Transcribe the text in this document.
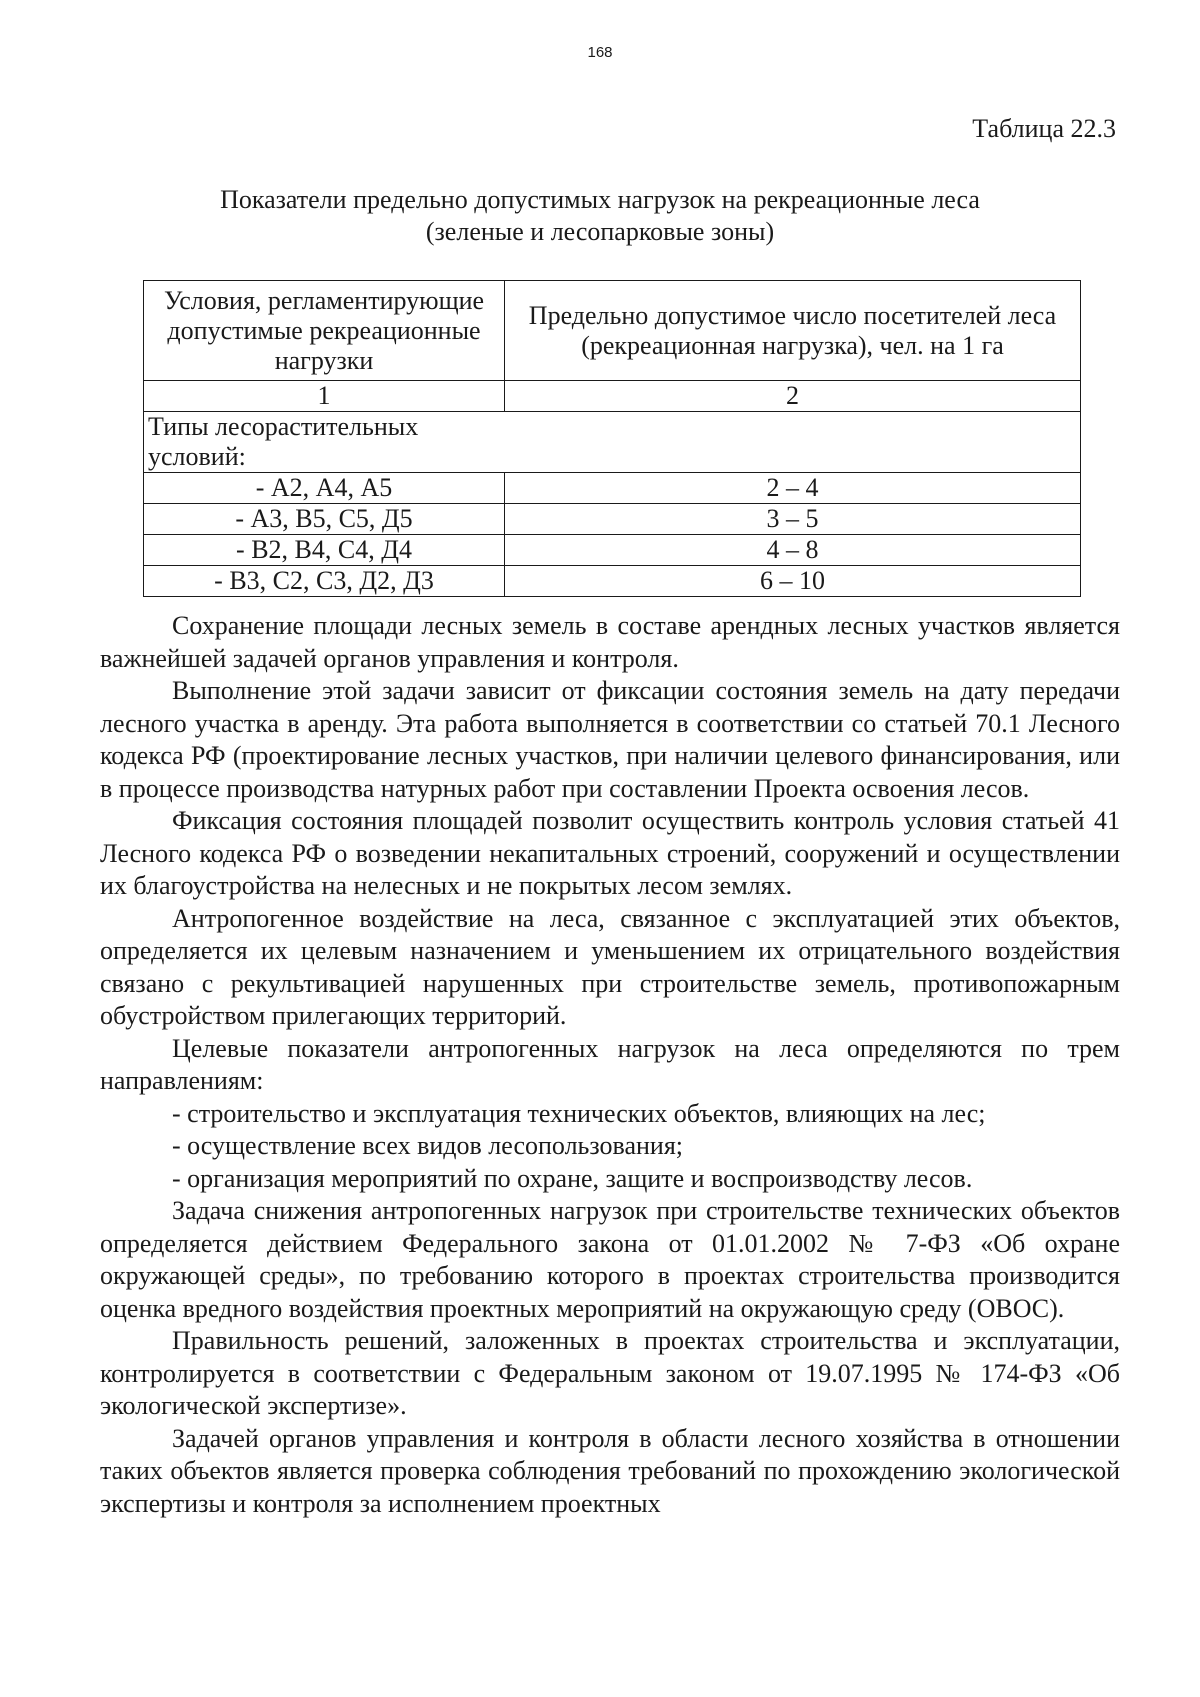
168
Таблица 22.3
Показатели предельно допустимых нагрузок на рекреационные леса
(зеленые и лесопарковые зоны)
Условия, регламентирующие допустимые рекреационные нагрузки	Предельно допустимое число посетителей леса (рекреационная нагрузка), чел. на 1 га
1	2
Типы лесорастительных условий:	
- А2, А4, А5	2 – 4
- А3, В5, С5, Д5	3 – 5
- В2, В4, С4, Д4	4 – 8
- В3, С2, С3, Д2, Д3	6 – 10

Сохранение площади лесных земель в составе арендных лесных участков является важнейшей задачей органов управления и контроля.

Выполнение этой задачи зависит от фиксации состояния земель на дату передачи лесного участка в аренду. Эта работа выполняется в соответствии со статьей 70.1 Лесного кодекса РФ (проектирование лесных участков, при наличии целевого финансирования, или в процессе производства натурных работ при составлении Проекта освоения лесов.

Фиксация состояния площадей позволит осуществить контроль условия статьей 41 Лесного кодекса РФ о возведении некапитальных строений, сооружений и осуществлении их благоустройства на нелесных и не покрытых лесом землях.

Антропогенное воздействие на леса, связанное с эксплуатацией этих объектов, определяется их целевым назначением и уменьшением их отрицательного воздействия связано с рекультивацией нарушенных при строительстве земель, противопожарным обустройством прилегающих территорий.

Целевые показатели антропогенных нагрузок на леса определяются по трем направлениям:

- строительство и эксплуатация технических объектов, влияющих на лес;

- осуществление всех видов лесопользования;

- организация мероприятий по охране, защите и воспроизводству лесов.

Задача снижения антропогенных нагрузок при строительстве технических объектов определяется действием Федерального закона от 01.01.2002 № 7-ФЗ «Об охране окружающей среды», по требованию которого в проектах строительства производится оценка вредного воздействия проектных мероприятий на окружающую среду (ОВОС).

Правильность решений, заложенных в проектах строительства и эксплуатации, контролируется в соответствии с Федеральным законом от 19.07.1995 № 174-ФЗ «Об экологической экспертизе».

Задачей органов управления и контроля в области лесного хозяйства в отношении таких объектов является проверка соблюдения требований по прохождению экологической экспертизы и контроля за исполнением проектных
